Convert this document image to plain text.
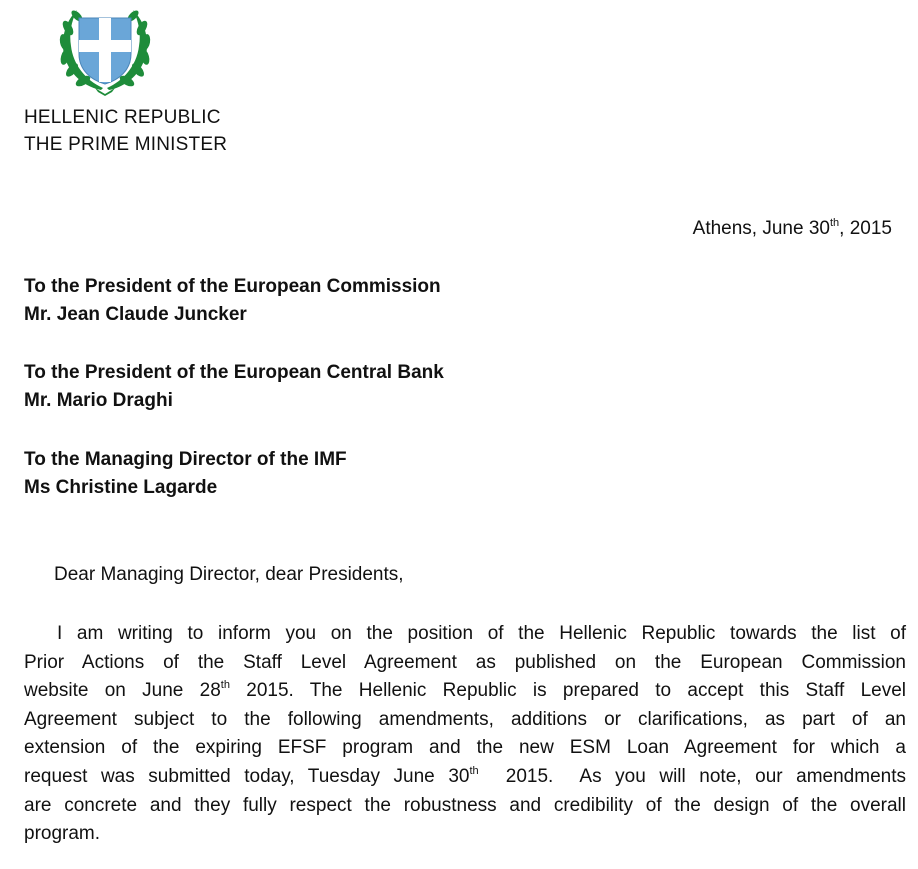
HELLENIC REPUBLIC
THE PRIME MINISTER
Athens, June 30th, 2015
To the President of the European Commission
Mr. Jean Claude Juncker
To the President of the European Central Bank
Mr. Mario Draghi
To the Managing Director of the IMF
Ms Christine Lagarde
Dear Managing Director, dear Presidents,
I am writing to inform you on the position of the Hellenic Republic towards the list of
Prior Actions of the Staff Level Agreement as published on the European Commission
website on June 28th 2015. The Hellenic Republic is prepared to accept this Staff Level
Agreement subject to the following amendments, additions or clarifications, as part of an
extension of the expiring EFSF program and the new ESM Loan Agreement for which a
request was submitted today, Tuesday June 30th  2015.  As you will note, our amendments
are concrete and they fully respect the robustness and credibility of the design of the overall
program.
